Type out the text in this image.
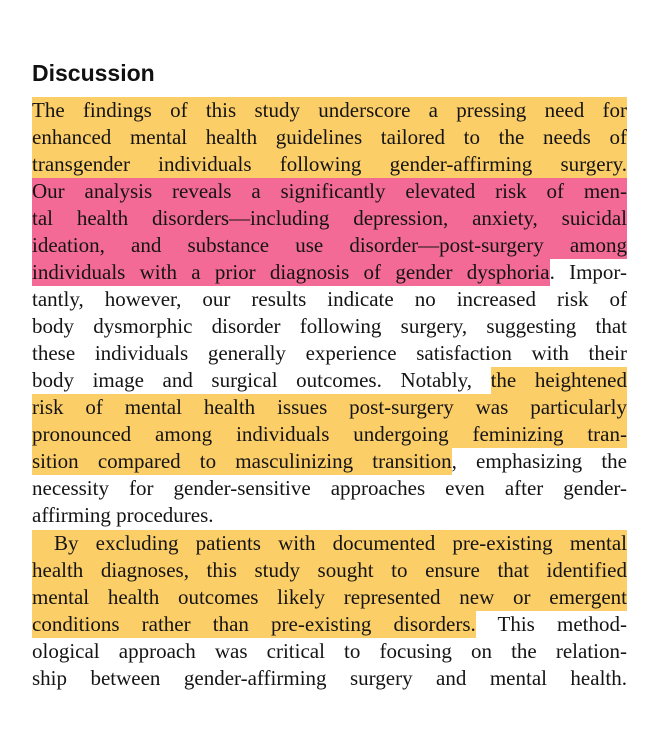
Discussion
The findings of this study underscore a pressing need for
enhanced mental health guidelines tailored to the needs of
transgender individuals following gender-affirming surgery.
Our analysis reveals a significantly elevated risk of men-
tal health disorders—including depression, anxiety, suicidal
ideation, and substance use disorder—post-surgery among
individuals with a prior diagnosis of gender dysphoria. Impor-
tantly, however, our results indicate no increased risk of
body dysmorphic disorder following surgery, suggesting that
these individuals generally experience satisfaction with their
body image and surgical outcomes. Notably, the heightened
risk of mental health issues post-surgery was particularly
pronounced among individuals undergoing feminizing tran-
sition compared to masculinizing transition, emphasizing the
necessity for gender-sensitive approaches even after gender-
affirming procedures.
By excluding patients with documented pre-existing mental
health diagnoses, this study sought to ensure that identified
mental health outcomes likely represented new or emergent
conditions rather than pre-existing disorders. This method-
ological approach was critical to focusing on the relation-
ship between gender-affirming surgery and mental health.
